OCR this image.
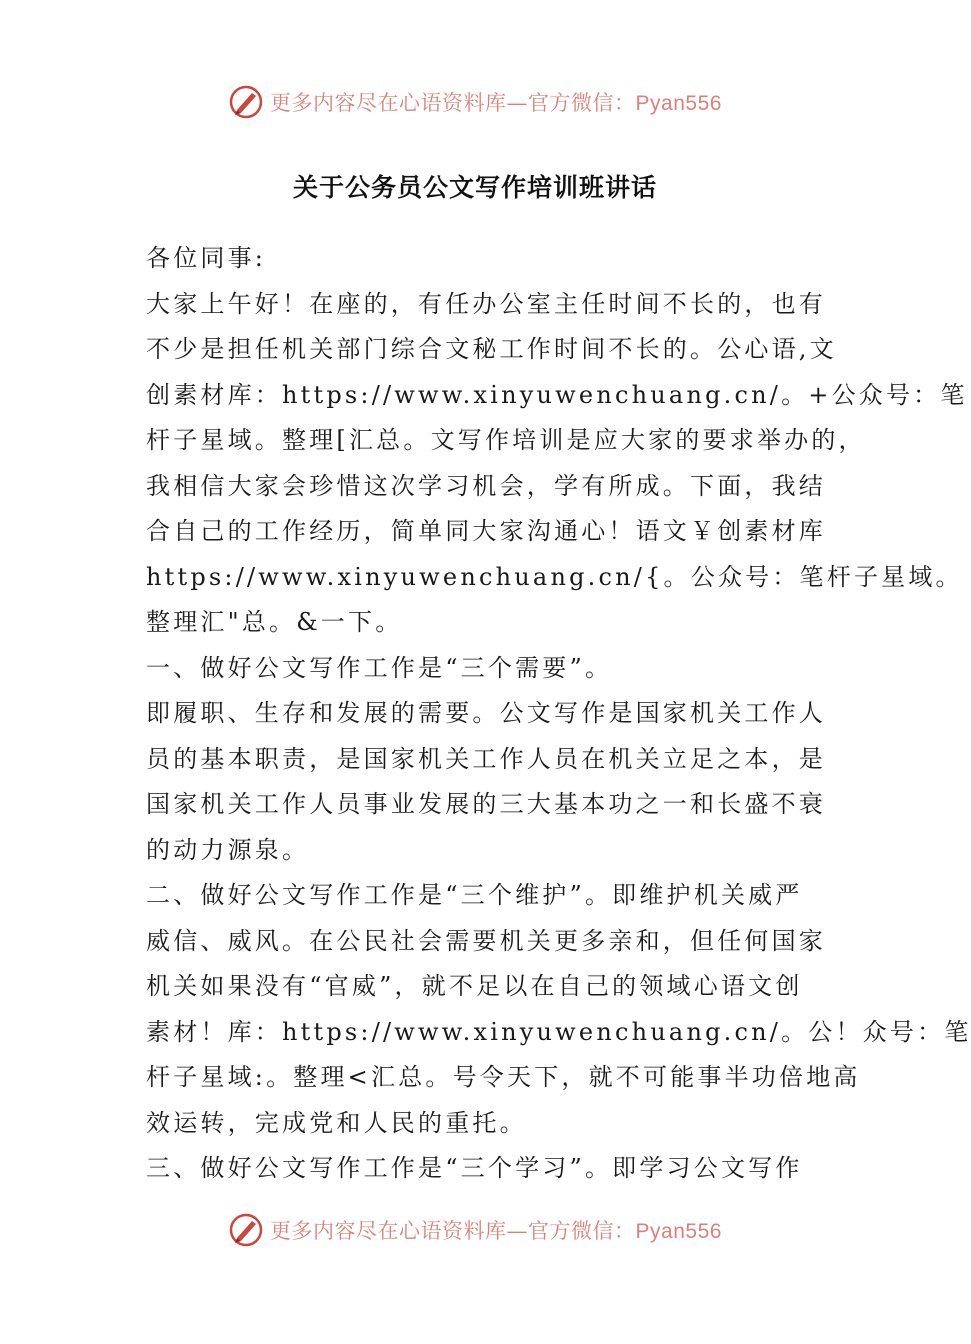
更多内容尽在心语资料库—官方微信：Pyan556
关于公务员公文写作培训班讲话
各位同事:
大家上午好！在座的，有任办公室主任时间不长的，也有
不少是担任机关部门综合文秘工作时间不长的。公心语,文
创素材库：https://www.xinyuwenchuang.cn/。+公众号：笔
杆子星域。整理[汇总。文写作培训是应大家的要求举办的，
我相信大家会珍惜这次学习机会，学有所成。下面，我结
合自己的工作经历，简单同大家沟通心！语文￥创素材库
https://www.xinyuwenchuang.cn/{。公众号：笔杆子星域。
整理汇"总。&一下。
一、做好公文写作工作是“三个需要”。
即履职、生存和发展的需要。公文写作是国家机关工作人
员的基本职责，是国家机关工作人员在机关立足之本，是
国家机关工作人员事业发展的三大基本功之一和长盛不衰
的动力源泉。
二、做好公文写作工作是“三个维护”。即维护机关威严
威信、威风。在公民社会需要机关更多亲和，但任何国家
机关如果没有“官威”，就不足以在自己的领域心语文创
素材！库：https://www.xinyuwenchuang.cn/。公！众号：笔
杆子星域:。整理<汇总。号令天下，就不可能事半功倍地高
效运转，完成党和人民的重托。
三、做好公文写作工作是“三个学习”。即学习公文写作
更多内容尽在心语资料库—官方微信：Pyan556
